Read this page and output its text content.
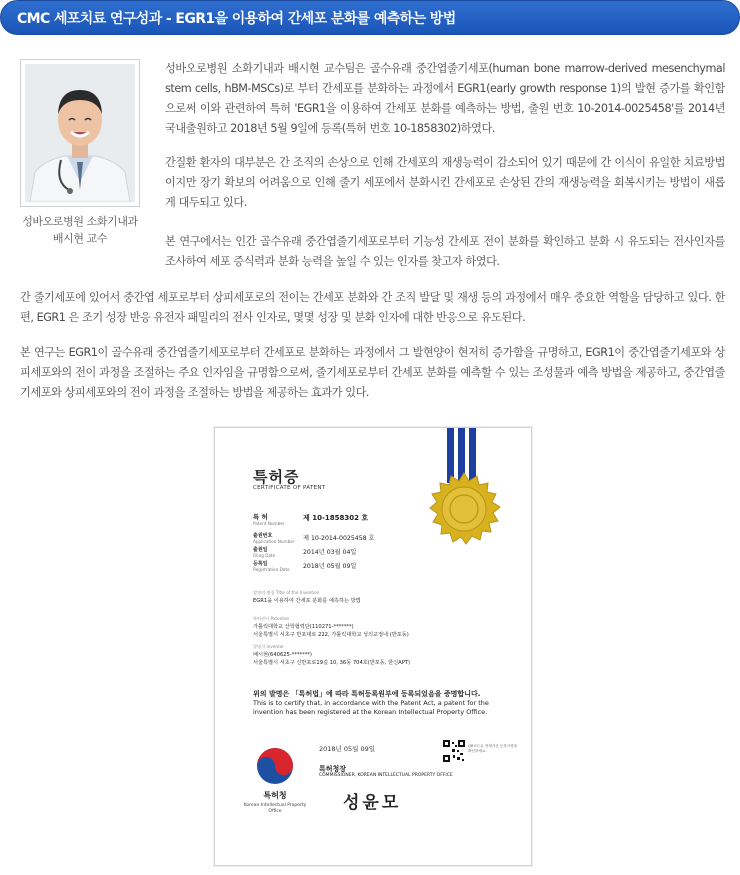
CMC 세포치료 연구성과 - EGR1을 이용하여 간세포 분화를 예측하는 방법
성바오로병원 소화기내과
배시현 교수

성바오로병원 소화기내과 배시현 교수팀은 골수유래 중간엽줄기세포(human bone marrow-derived mesenchymal stem cells, hBM-MSCs)로 부터 간세포를 분화하는 과정에서 EGR1(early growth response 1)의 발현 증가를 확인함으로써 이와 관련하여 특허 'EGR1을 이용하여 간세포 분화를 예측하는 방법, 출원 번호 10-2014-0025458'를 2014년 국내출원하고 2018년 5월 9일에 등록(특허 번호 10-1858302)하였다.

간질환 환자의 대부분은 간 조직의 손상으로 인해 간세포의 재생능력이 감소되어 있기 때문에 간 이식이 유일한 치료방법이지만 장기 확보의 어려움으로 인해 줄기 세포에서 분화시킨 간세포로 손상된 간의 재생능력을 회복시키는 방법이 새롭게 대두되고 있다.

본 연구에서는 인간 골수유래 중간엽줄기세포로부터 기능성 간세포 전이 분화를 확인하고 분화 시 유도되는 전사인자를 조사하여 세포 증식력과 분화 능력을 높일 수 있는 인자를 찾고자 하였다.

간 줄기세포에 있어서 중간엽 세포로부터 상피세포로의 전이는 간세포 분화와 간 조직 발달 및 재생 등의 과정에서 매우 중요한 역할을 담당하고 있다. 한편, EGR1 은 조기 성장 반응 유전자 패밀리의 전사 인자로, 몇몇 성장 및 분화 인자에 대한 반응으로 유도된다.

본 연구는 EGR1이 골수유래 중간엽줄기세포로부터 간세포로 분화하는 과정에서 그 발현양이 현저히 증가함을 규명하고, EGR1이 중간엽줄기세포와 상피세포와의 전이 과정을 조절하는 주요 인자임을 규명함으로써, 줄기세포로부터 간세포 분화를 예측할 수 있는 조성물과 예측 방법을 제공하고, 중간엽줄기세포와 상피세포와의 전이 과정을 조절하는 방법을 제공하는 효과가 있다.

특허증
CERTIFICATE OF PATENT
특 허
Patent Number
제 10-1858302 호
출원번호
Application Number 제 10-2014-0025458 호
출원일
Filing Date	2014년 03월 04일
등록일
Registration Date 2018년 05월 09일
발명의 명칭 Title of the Invention
EGR1을 이용하여 간세포 분화를 예측하는 방법
특허권자 Patentee
가톨릭대학교 산학협력단(110271-*******)
서울특별시 서초구 반포대로 222, 가톨릭대학교 성의교정내 (반포동)
발명자 Inventor
배시현(640625-*******)
서울특별시 서초구 신반포로19길 10, 36동 704호(반포동, 한신APT)
위의 발명은 「특허법」에 따라 특허등록원부에 등록되었음을 증명합니다.
This is to certify that, in accordance with the Patent Act, a patent for the invention has been registered at the Korean Intellectual Property Office.
특허청
Korean Intellectual Property Office
2018년 05월 09일	QR코드로 현재기준 등록사항을 확인하세요.
특허청장
COMMISSIONER, KOREAN INTELLECTUAL PROPERTY OFFICE
성윤모
